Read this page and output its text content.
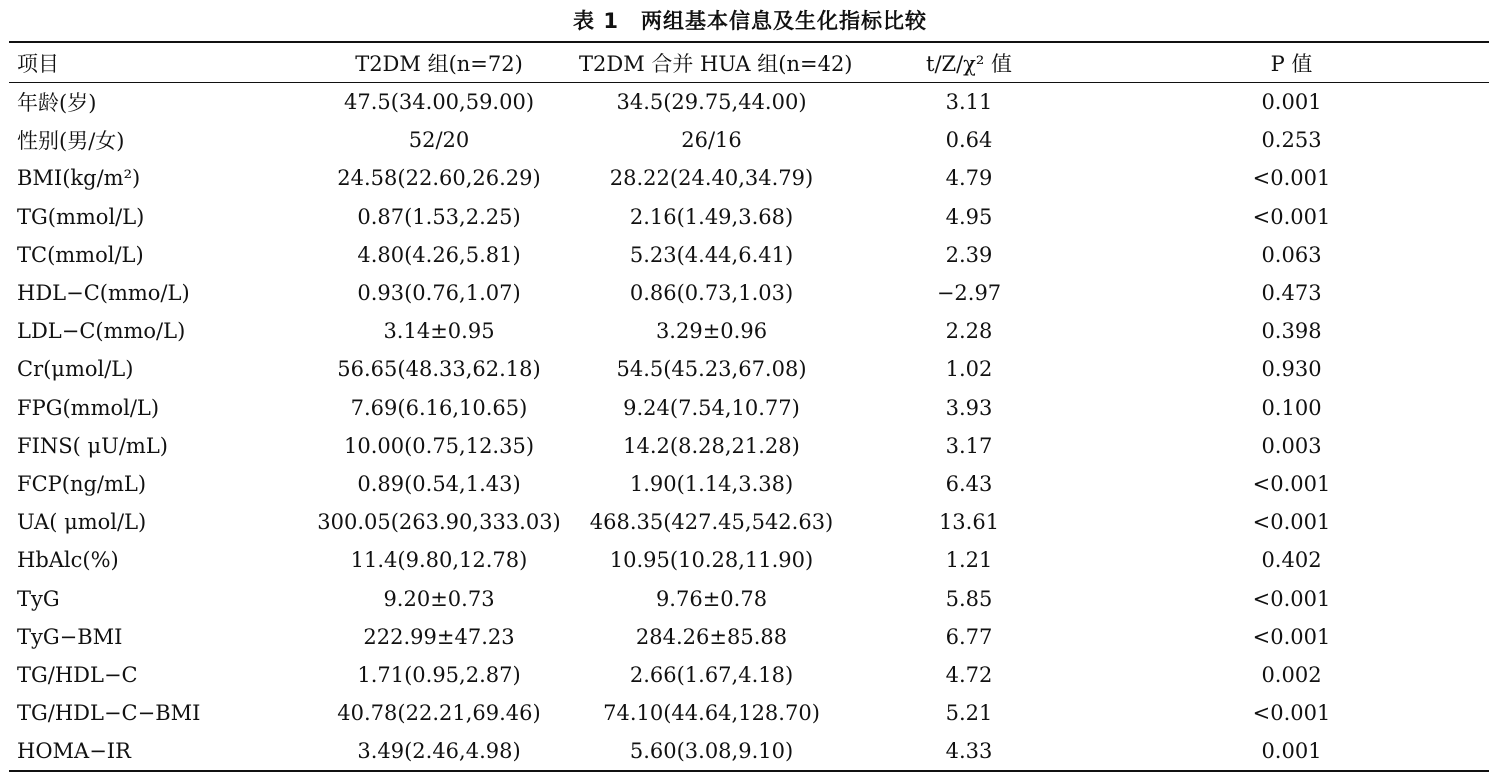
表 1　两组基本信息及生化指标比较
项目	T2DM 组(n=72)	T2DM 合并 HUA 组(n=42)	t/Z/χ² 值	P 值
年龄(岁)	47.5(34.00,59.00)	34.5(29.75,44.00)	3.11	0.001
性别(男/女)	52/20	26/16	0.64	0.253
BMI(kg/m²)	24.58(22.60,26.29)	28.22(24.40,34.79)	4.79	<0.001
TG(mmol/L)	0.87(1.53,2.25)	2.16(1.49,3.68)	4.95	<0.001
TC(mmol/L)	4.80(4.26,5.81)	5.23(4.44,6.41)	2.39	0.063
HDL−C(mmo/L)	0.93(0.76,1.07)	0.86(0.73,1.03)	−2.97	0.473
LDL−C(mmo/L)	3.14±0.95	3.29±0.96	2.28	0.398
Cr(μmol/L)	56.65(48.33,62.18)	54.5(45.23,67.08)	1.02	0.930
FPG(mmol/L)	7.69(6.16,10.65)	9.24(7.54,10.77)	3.93	0.100
FINS( μU/mL)	10.00(0.75,12.35)	14.2(8.28,21.28)	3.17	0.003
FCP(ng/mL)	0.89(0.54,1.43)	1.90(1.14,3.38)	6.43	<0.001
UA( μmol/L)	300.05(263.90,333.03)	468.35(427.45,542.63)	13.61	<0.001
HbAlc(%)	11.4(9.80,12.78)	10.95(10.28,11.90)	1.21	0.402
TyG	9.20±0.73	9.76±0.78	5.85	<0.001
TyG−BMI	222.99±47.23	284.26±85.88	6.77	<0.001
TG/HDL−C	1.71(0.95,2.87)	2.66(1.67,4.18)	4.72	0.002
TG/HDL−C−BMI	40.78(22.21,69.46)	74.10(44.64,128.70)	5.21	<0.001
HOMA−IR	3.49(2.46,4.98)	5.60(3.08,9.10)	4.33	0.001
